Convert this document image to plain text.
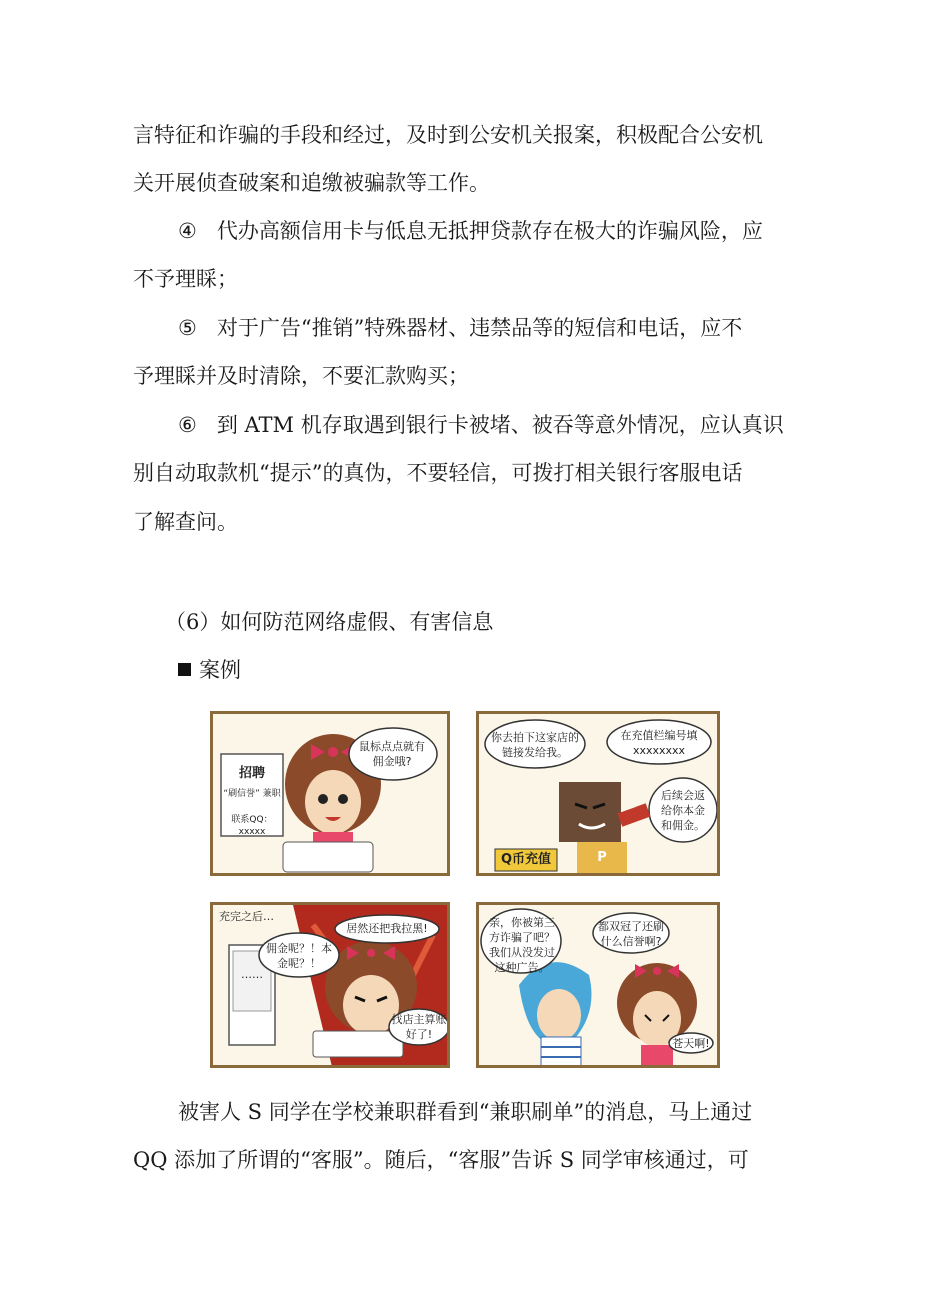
言特征和诈骗的手段和经过，及时到公安机关报案，积极配合公安机

关开展侦查破案和追缴被骗款等工作。

④ 代办高额信用卡与低息无抵押贷款存在极大的诈骗风险，应

不予理睬；

⑤ 对于广告“推销”特殊器材、违禁品等的短信和电话，应不

予理睬并及时清除，不要汇款购买；

⑥ 到 ATM 机存取遇到银行卡被堵、被吞等意外情况，应认真识

别自动取款机“提示”的真伪，不要轻信，可拨打相关银行客服电话

了解查问。

（6）如何防范网络虚假、有害信息
案例
招聘
“刷信誉” 兼职
联系QQ：xxxxx
鼠标点点就有佣金哦?
你去拍下这家店的链接发给我。
在充值栏编号填xxxxxxxx
后续会返给你本金和佣金。
Q币充值	P
充完之后…
……
居然还把我拉黑!
佣金呢？！本金呢？！
找店主算账好了!
亲，你被第三方诈骗了吧？我们从没发过这种广告。
都双冠了还刷什么信誉啊?
苍天啊!

被害人 S 同学在学校兼职群看到“兼职刷单”的消息，马上通过

QQ 添加了所谓的“客服”。随后，“客服”告诉 S 同学审核通过，可
